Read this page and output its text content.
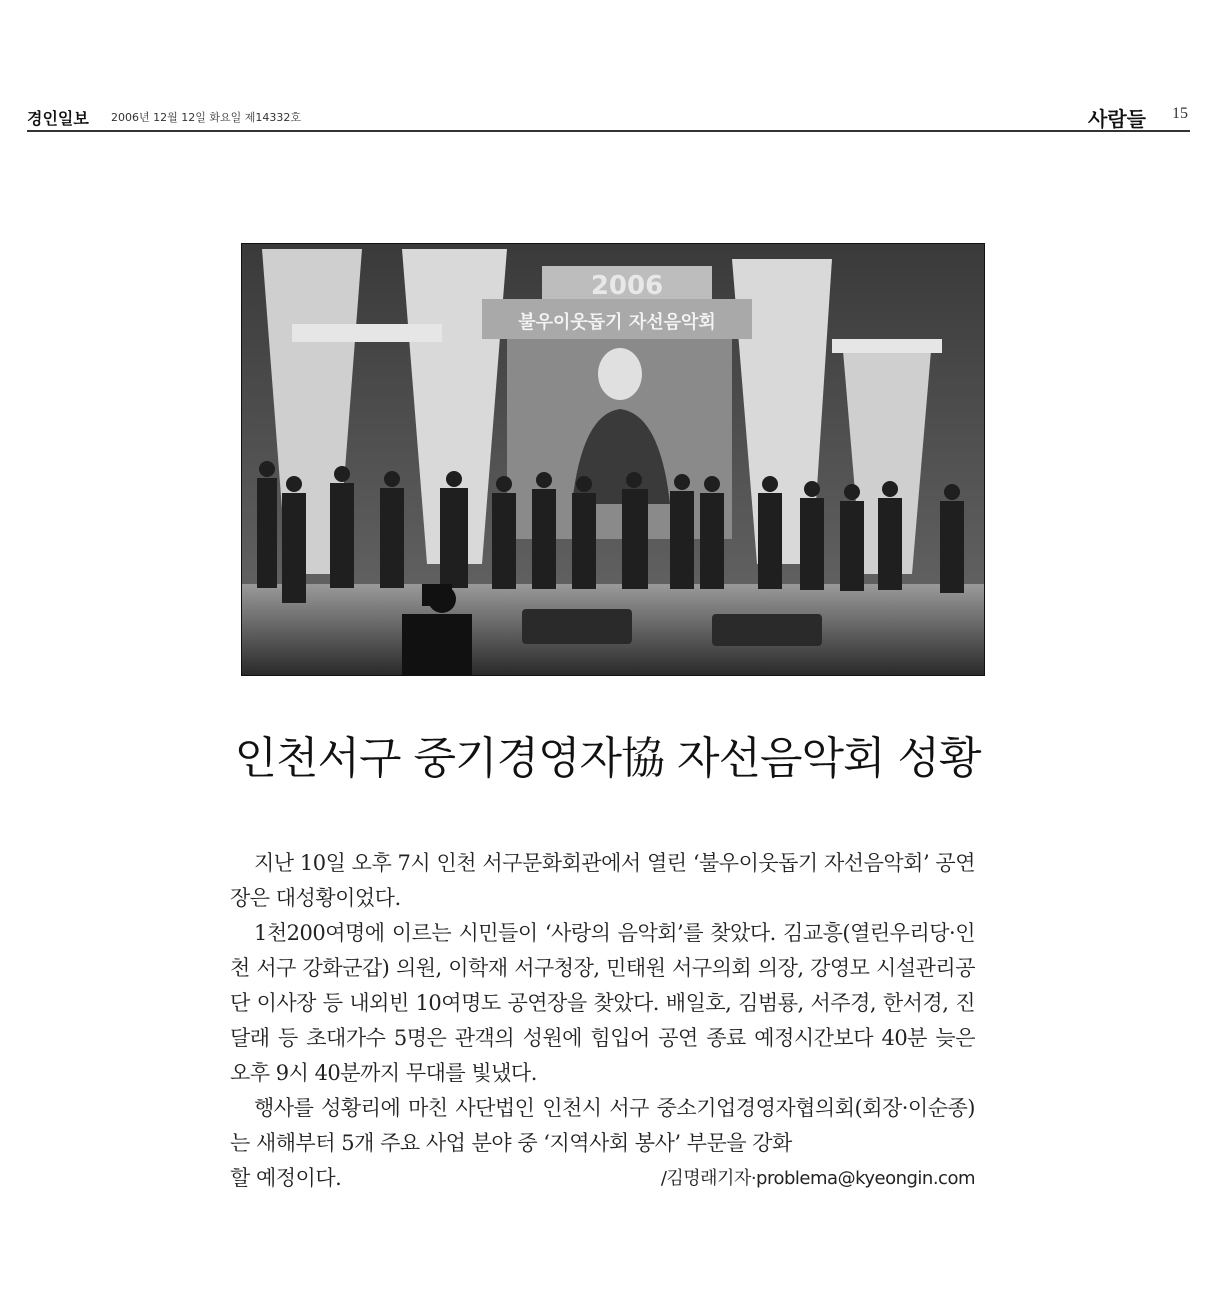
경인일보 2006년 12월 12일 화요일 제14332호	사람들 15
2006
불우이웃돕기 자선음악회
인천서구 중기경영자協 자선음악회 성황

지난 10일 오후 7시 인천 서구문화회관에서 열린 ‘불우이웃돕기 자선음악회’ 공연장은 대성황이었다.

1천200여명에 이르는 시민들이 ‘사랑의 음악회’를 찾았다. 김교흥(열린우리당·인천 서구 강화군갑) 의원, 이학재 서구청장, 민태원 서구의회 의장, 강영모 시설관리공단 이사장 등 내외빈 10여명도 공연장을 찾았다. 배일호, 김범룡, 서주경, 한서경, 진달래 등 초대가수 5명은 관객의 성원에 힘입어 공연 종료 예정시간보다 40분 늦은 오후 9시 40분까지 무대를 빛냈다.

행사를 성황리에 마친 사단법인 인천시 서구 중소기업경영자협의회(회장·이순종)는 새해부터 5개 주요 사업 분야 중 ‘지역사회 봉사’ 부문을 강화

할 예정이다.	/김명래기자·problema@kyeongin.com
